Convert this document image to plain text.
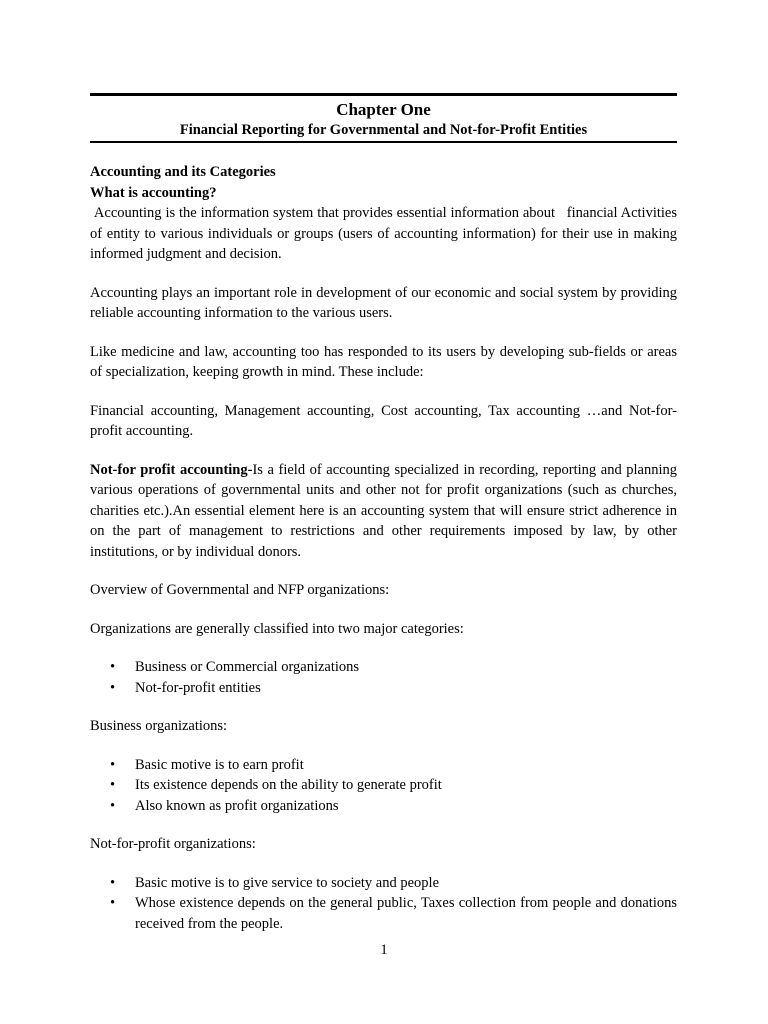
Chapter One
Financial Reporting for Governmental and Not-for-Profit Entities
Accounting and its Categories
What is accounting?

Accounting is the information system that provides essential information about   financial Activities of entity to various individuals or groups (users of accounting information) for their use in making informed judgment and decision.

Accounting plays an important role in development of our economic and social system by providing reliable accounting information to the various users.

Like medicine and law, accounting too has responded to its users by developing sub-fields or areas of specialization, keeping growth in mind. These include:

Financial accounting, Management accounting, Cost accounting, Tax accounting …and Not-for-profit accounting.

Not-for profit accounting-Is a field of accounting specialized in recording, reporting and planning various operations of governmental units and other not for profit organizations (such as churches, charities etc.).An essential element here is an accounting system that will ensure strict adherence in on the part of management to restrictions and other requirements imposed by law, by other institutions, or by individual donors.

Overview of Governmental and NFP organizations:

Organizations are generally classified into two major categories:

• Business or Commercial organizations
• Not-for-profit entities

Business organizations:

• Basic motive is to earn profit
• Its existence depends on the ability to generate profit
• Also known as profit organizations

Not-for-profit organizations:

• Basic motive is to give service to society and people
• Whose existence depends on the general public, Taxes collection from people and donations received from the people.
1
